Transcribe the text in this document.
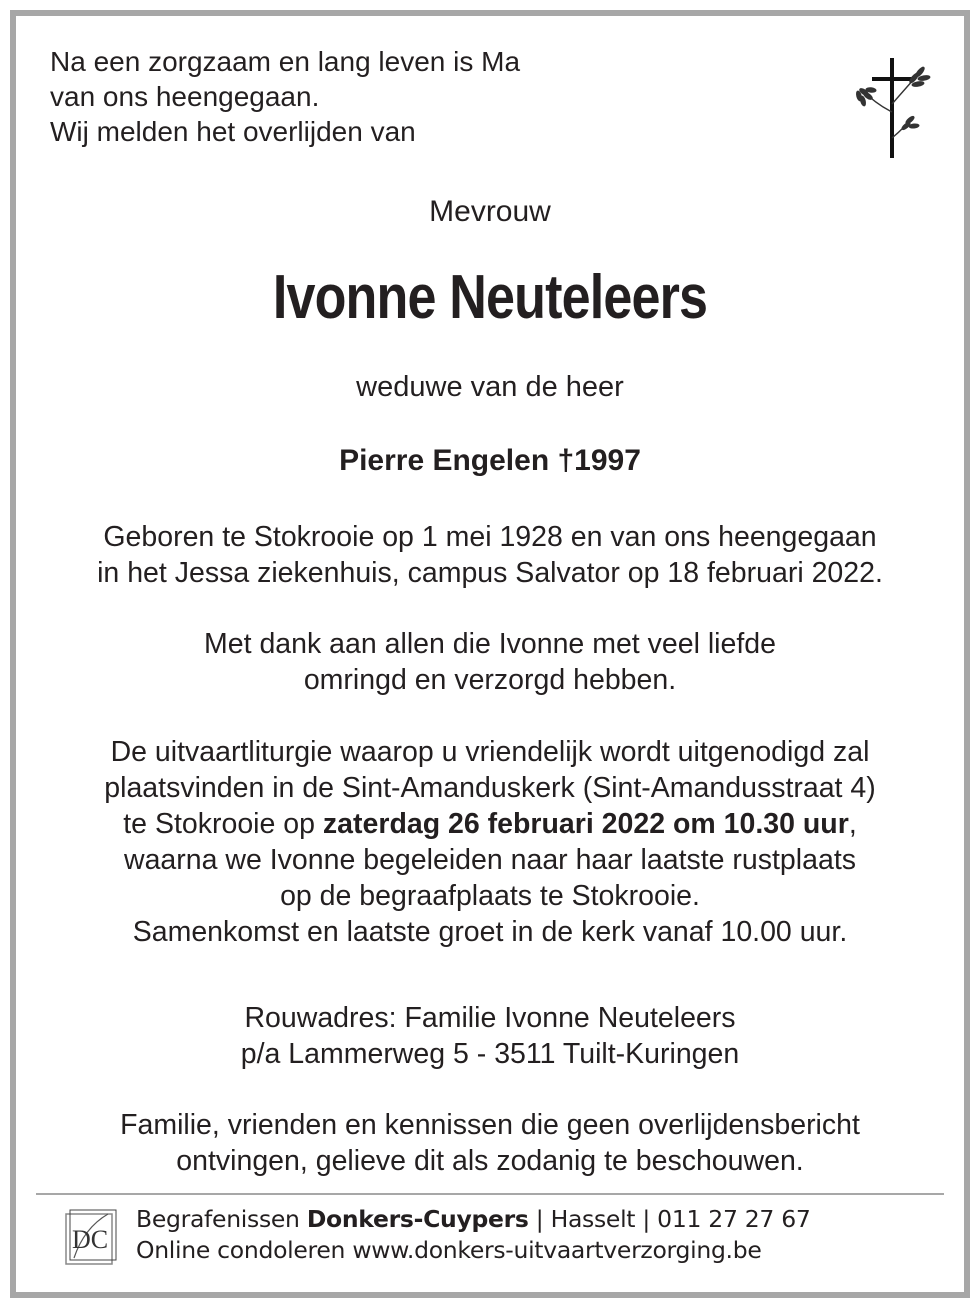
Na een zorgzaam en lang leven is Ma
van ons heengegaan.
Wij melden het overlijden van
Mevrouw
Ivonne Neuteleers
weduwe van de heer
Pierre Engelen †1997
Geboren te Stokrooie op 1 mei 1928 en van ons heengegaan
in het Jessa ziekenhuis, campus Salvator op 18 februari 2022.
Met dank aan allen die Ivonne met veel liefde
omringd en verzorgd hebben.
De uitvaartliturgie waarop u vriendelijk wordt uitgenodigd zal
plaatsvinden in de Sint-Amanduskerk (Sint-Amandusstraat 4)
te Stokrooie op zaterdag 26 februari 2022 om 10.30 uur,
waarna we Ivonne begeleiden naar haar laatste rustplaats
op de begraafplaats te Stokrooie.
Samenkomst en laatste groet in de kerk vanaf 10.00 uur.
Rouwadres: Familie Ivonne Neuteleers
p/a Lammerweg 5 - 3511 Tuilt-Kuringen
Familie, vrienden en kennissen die geen overlijdensbericht
ontvingen, gelieve dit als zodanig te beschouwen.
DC
Begrafenissen Donkers-Cuypers | Hasselt | 011 27 27 67
Online condoleren www.donkers-uitvaartverzorging.be
